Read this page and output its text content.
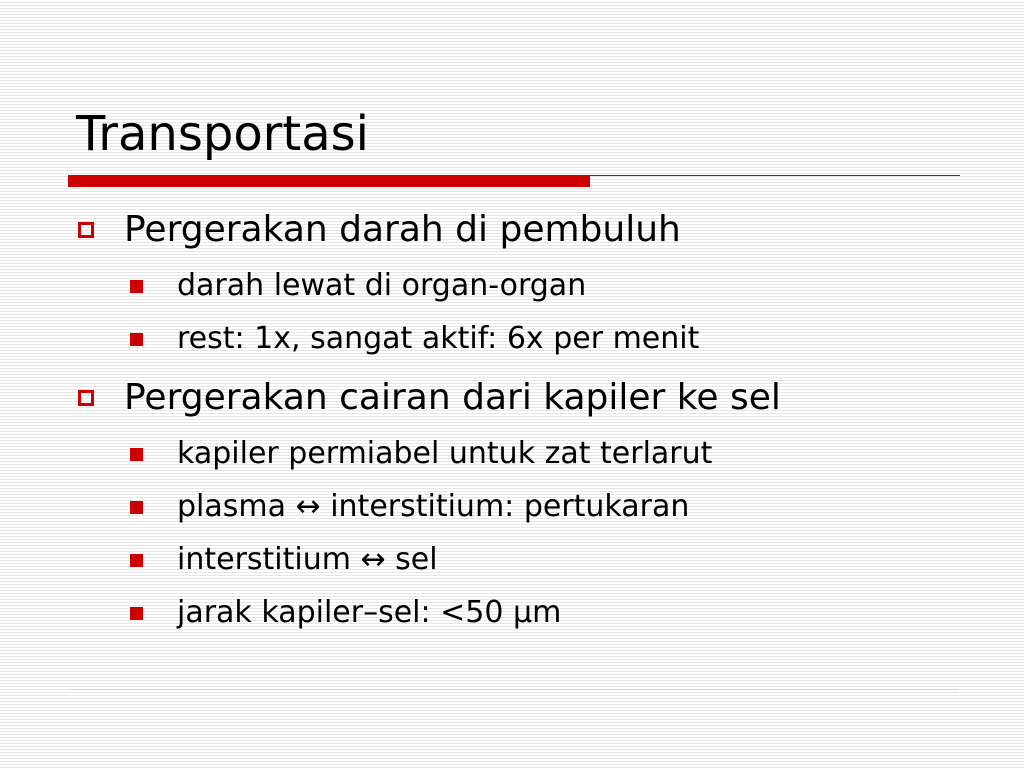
Transportasi
Pergerakan darah di pembuluh
darah lewat di organ-organ
rest: 1x, sangat aktif: 6x per menit
Pergerakan cairan dari kapiler ke sel
kapiler permiabel untuk zat terlarut
plasma ↔ interstitium: pertukaran
interstitium ↔ sel
jarak kapiler–sel: <50 µm
